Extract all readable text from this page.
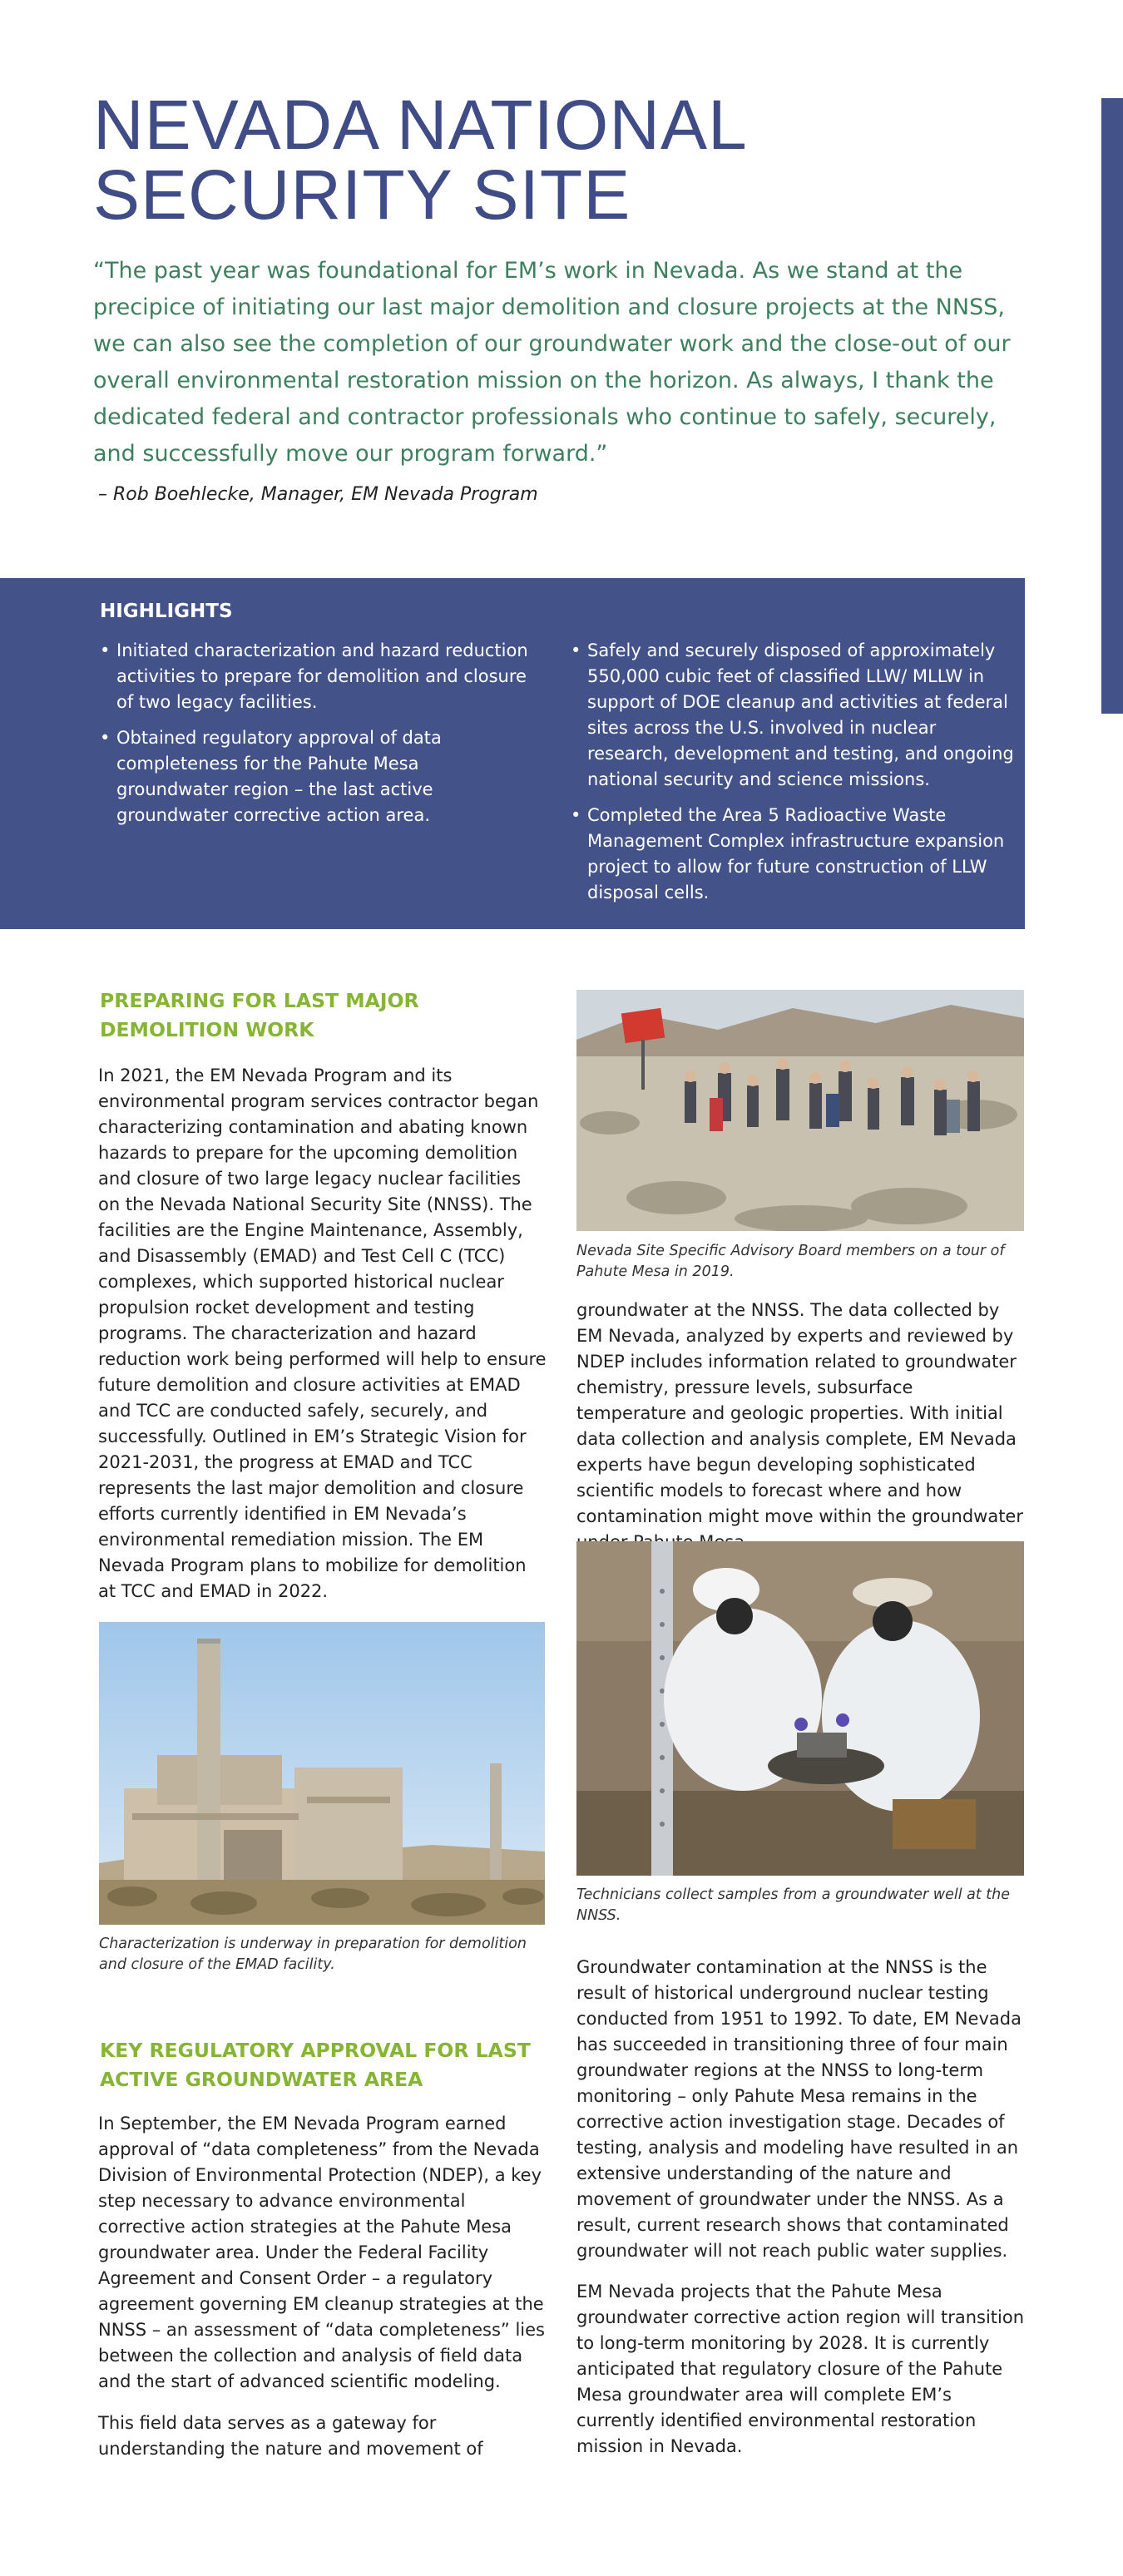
NEVADA NATIONAL
SECURITY SITE

“The past year was foundational for EM’s work in Nevada. As we stand at the precipice of initiating our last major demolition and closure projects at the NNSS, we can also see the completion of our groundwater work and the close-out of our overall environmental restoration mission on the horizon. As always, I thank the dedicated federal and contractor professionals who continue to safely, securely, and successfully move our program forward.”

– Rob Boehlecke, Manager, EM Nevada Program

HIGHLIGHTS
• Initiated characterization and hazard reduction activities to prepare for demolition and closure of two legacy facilities.
• Obtained regulatory approval of data completeness for the Pahute Mesa groundwater region – the last active groundwater corrective action area.
• Safely and securely disposed of approximately 550,000 cubic feet of classified LLW/ MLLW in support of DOE cleanup and activities at federal sites across the U.S. involved in nuclear research, development and testing, and ongoing national security and science missions.
• Completed the Area 5 Radioactive Waste Management Complex infrastructure expansion project to allow for future construction of LLW disposal cells.
PREPARING FOR LAST MAJOR DEMOLITION WORK

In 2021, the EM Nevada Program and its environmental program services contractor began characterizing contamination and abating known hazards to prepare for the upcoming demolition and closure of two large legacy nuclear facilities on the Nevada National Security Site (NNSS). The facilities are the Engine Maintenance, Assembly, and Disassembly (EMAD) and Test Cell C (TCC) complexes, which supported historical nuclear propulsion rocket development and testing programs. The characterization and hazard reduction work being performed will help to ensure future demolition and closure activities at EMAD and TCC are conducted safely, securely, and successfully. Outlined in EM’s Strategic Vision for 2021-2031, the progress at EMAD and TCC represents the last major demolition and closure efforts currently identified in EM Nevada’s environmental remediation mission. The EM Nevada Program plans to mobilize for demolition at TCC and EMAD in 2022.

Characterization is underway in preparation for demolition and closure of the EMAD facility.

KEY REGULATORY APPROVAL FOR LAST ACTIVE GROUNDWATER AREA

In September, the EM Nevada Program earned approval of “data completeness” from the Nevada Division of Environmental Protection (NDEP), a key step necessary to advance environmental corrective action strategies at the Pahute Mesa groundwater area. Under the Federal Facility Agreement and Consent Order – a regulatory agreement governing EM cleanup strategies at the NNSS – an assessment of “data completeness” lies between the collection and analysis of field data and the start of advanced scientific modeling.

This field data serves as a gateway for understanding the nature and movement of

Nevada Site Specific Advisory Board members on a tour of Pahute Mesa in 2019.

groundwater at the NNSS. The data collected by EM Nevada, analyzed by experts and reviewed by NDEP includes information related to groundwater chemistry, pressure levels, subsurface temperature and geologic properties. With initial data collection and analysis complete, EM Nevada experts have begun developing sophisticated scientific models to forecast where and how contamination might move within the groundwater

Technicians collect samples from a groundwater well at the NNSS.

Groundwater contamination at the NNSS is the result of historical underground nuclear testing conducted from 1951 to 1992. To date, EM Nevada has succeeded in transitioning three of four main groundwater regions at the NNSS to long-term monitoring – only Pahute Mesa remains in the corrective action investigation stage. Decades of testing, analysis and modeling have resulted in an extensive understanding of the nature and movement of groundwater under the NNSS. As a result, current research shows that contaminated groundwater will not reach public water supplies.

EM Nevada projects that the Pahute Mesa groundwater corrective action region will transition to long-term monitoring by 2028. It is currently anticipated that regulatory closure of the Pahute Mesa groundwater area will complete EM’s currently identified environmental restoration mission in Nevada.
